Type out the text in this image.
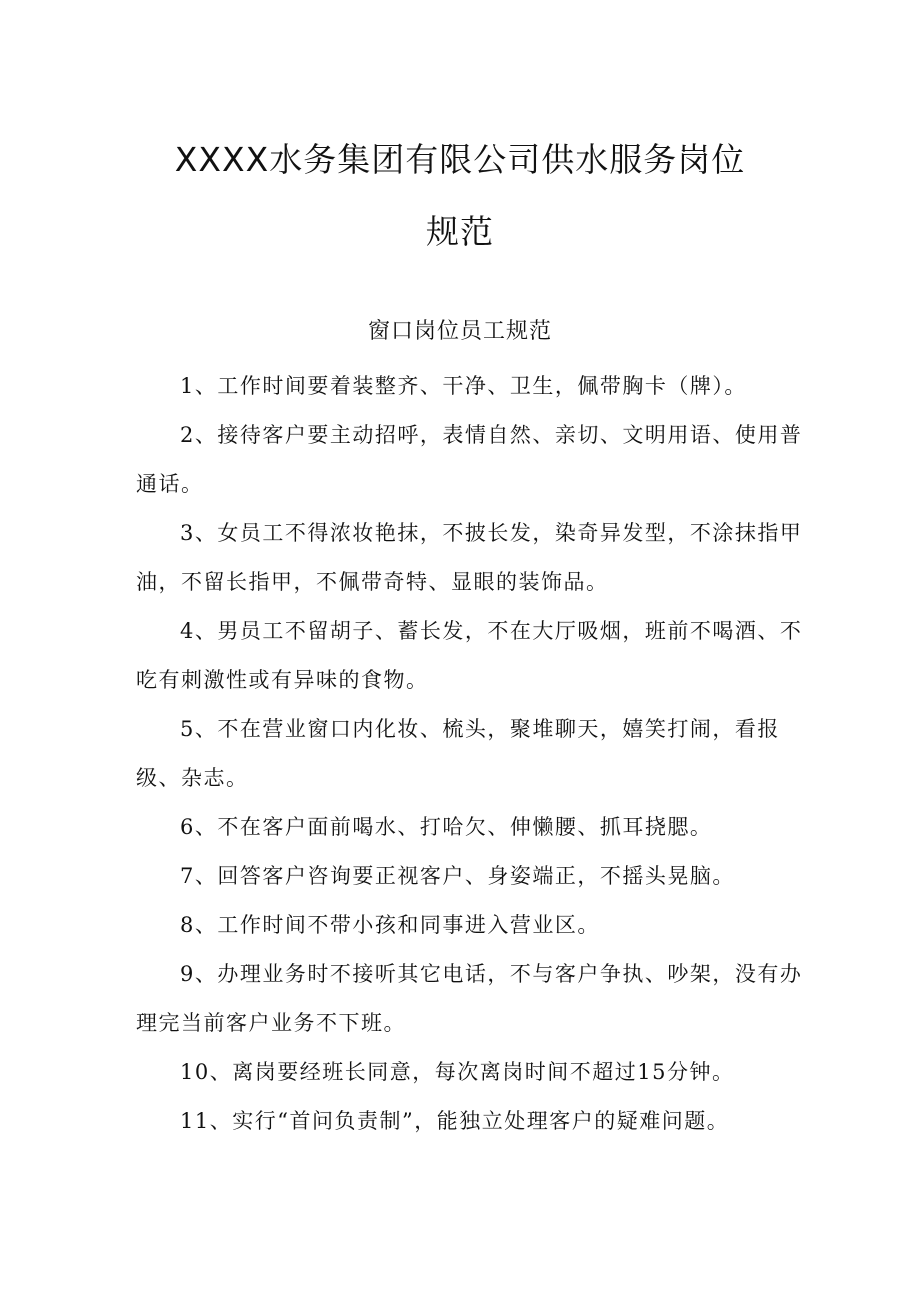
XXXX水务集团有限公司供水服务岗位
规范
窗口岗位员工规范
1、工作时间要着装整齐、干净、卫生，佩带胸卡（牌）。
2、接待客户要主动招呼，表情自然、亲切、文明用语、使用普通话。
3、女员工不得浓妆艳抹，不披长发，染奇异发型，不涂抹指甲油，不留长指甲，不佩带奇特、显眼的装饰品。
4、男员工不留胡子、蓄长发，不在大厅吸烟，班前不喝酒、不吃有刺激性或有异味的食物。
5、不在营业窗口内化妆、梳头，聚堆聊天，嬉笑打闹，看报级、杂志。
6、不在客户面前喝水、打哈欠、伸懒腰、抓耳挠腮。
7、回答客户咨询要正视客户、身姿端正，不摇头晃脑。
8、工作时间不带小孩和同事进入营业区。
9、办理业务时不接听其它电话，不与客户争执、吵架，没有办理完当前客户业务不下班。
10、离岗要经班长同意，每次离岗时间不超过15分钟。
11、实行“首问负责制”，能独立处理客户的疑难问题。
